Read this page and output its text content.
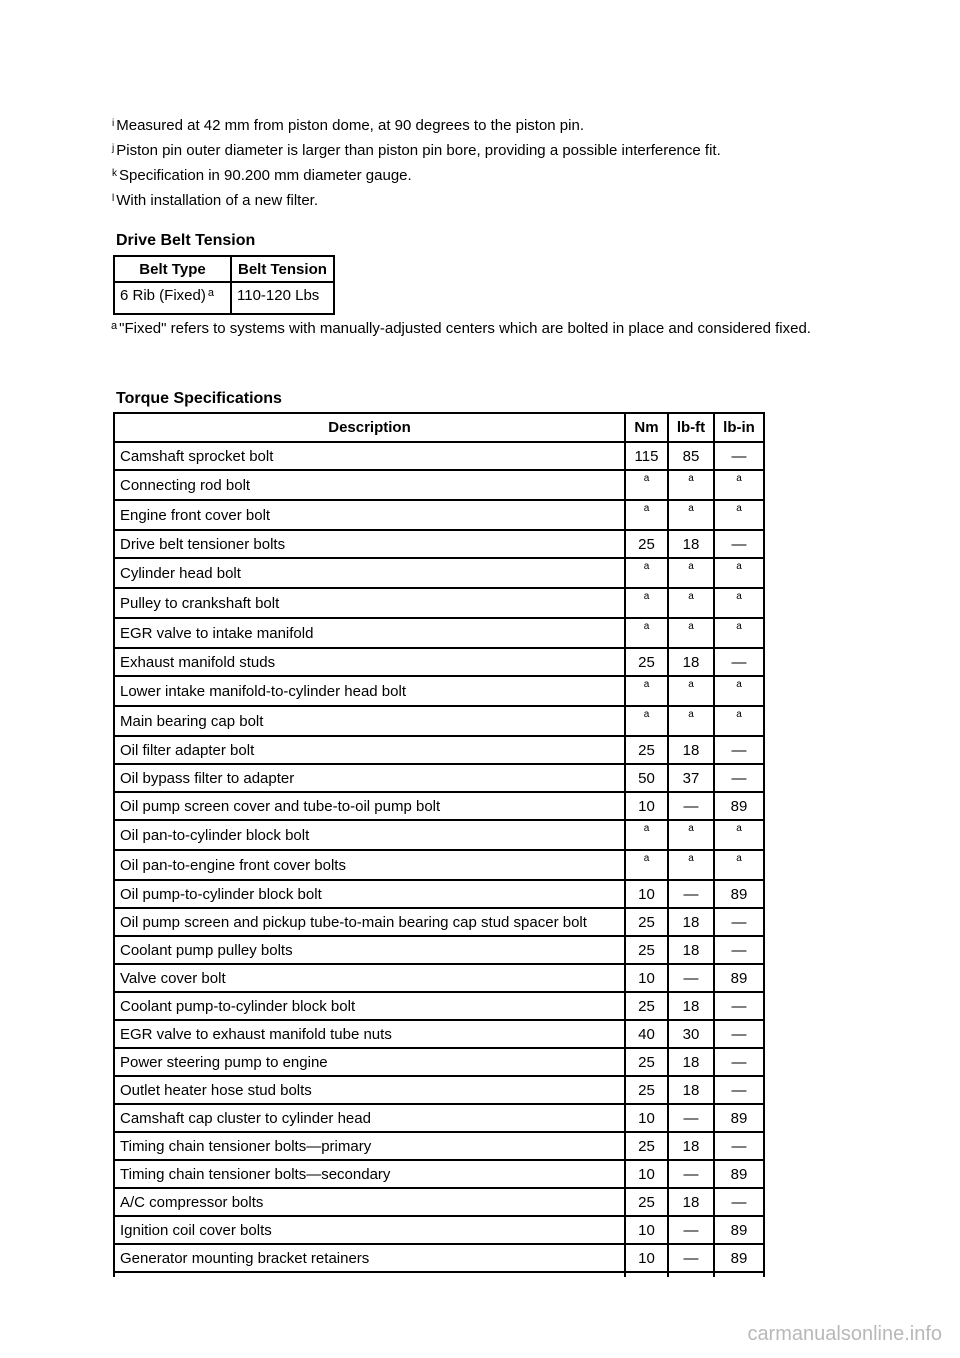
$^i$ Measured at 42 mm from piston dome, at 90 degrees to the piston pin.
$^j$ Piston pin outer diameter is larger than piston pin bore, providing a possible interference fit.
$^k$ Specification in 90.200 mm diameter gauge.
$^l$ With installation of a new filter.
Drive Belt Tension
Belt Type	Belt Tension
6 Rib (Fixed) $^a$	110-120 Lbs
$^a$ "Fixed" refers to systems with manually-adjusted centers which are bolted in place and considered fixed.
Torque Specifications
Description	Nm	lb-ft	lb-in
Camshaft sprocket bolt	115	85	—
Connecting rod bolt	a	a	a
Engine front cover bolt	a	a	a
Drive belt tensioner bolts	25	18	—
Cylinder head bolt	a	a	a
Pulley to crankshaft bolt	a	a	a
EGR valve to intake manifold	a	a	a
Exhaust manifold studs	25	18	—
Lower intake manifold-to-cylinder head bolt	a	a	a
Main bearing cap bolt	a	a	a
Oil filter adapter bolt	25	18	—
Oil bypass filter to adapter	50	37	—
Oil pump screen cover and tube-to-oil pump bolt	10	—	89
Oil pan-to-cylinder block bolt	a	a	a
Oil pan-to-engine front cover bolts	a	a	a
Oil pump-to-cylinder block bolt	10	—	89
Oil pump screen and pickup tube-to-main bearing cap stud spacer bolt	25	18	—
Coolant pump pulley bolts	25	18	—
Valve cover bolt	10	—	89
Coolant pump-to-cylinder block bolt	25	18	—
EGR valve to exhaust manifold tube nuts	40	30	—
Power steering pump to engine	25	18	—
Outlet heater hose stud bolts	25	18	—
Camshaft cap cluster to cylinder head	10	—	89
Timing chain tensioner bolts—primary	25	18	—
Timing chain tensioner bolts—secondary	10	—	89
A/C compressor bolts	25	18	—
Ignition coil cover bolts	10	—	89
Generator mounting bracket retainers	10	—	89

carmanualsonline.info
